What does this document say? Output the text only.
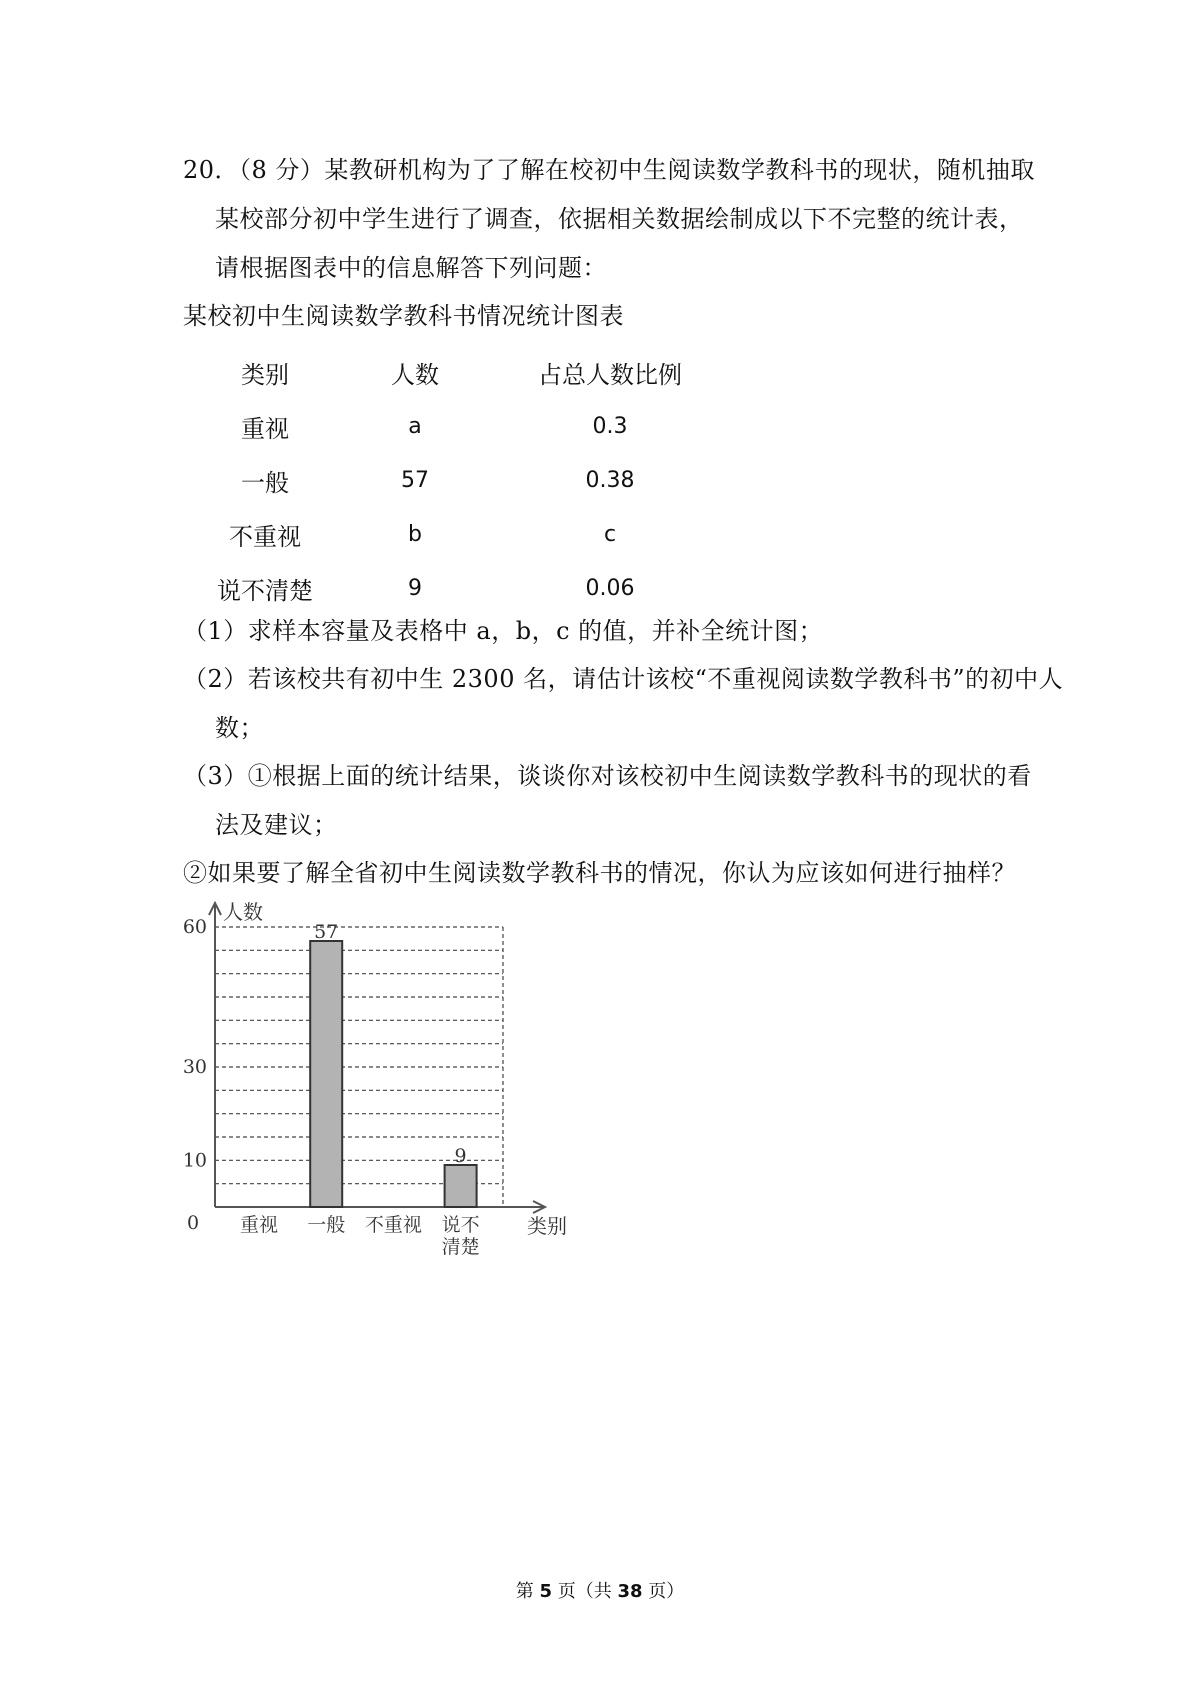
20．（8 分）某教研机构为了了解在校初中生阅读数学教科书的现状，随机抽取
某校部分初中学生进行了调查，依据相关数据绘制成以下不完整的统计表，
请根据图表中的信息解答下列问题：
某校初中生阅读数学教科书情况统计图表
类别	人数	占总人数比例
重视	a	0.3
一般	57	0.38
不重视	b	c
说不清楚	9	0.06
（1）求样本容量及表格中 a，b，c 的值，并补全统计图；
（2）若该校共有初中生 2300 名，请估计该校“不重视阅读数学教科书”的初中人
数；
（3）①根据上面的统计结果，谈谈你对该校初中生阅读数学教科书的现状的看
法及建议；
②如果要了解全省初中生阅读数学教科书的情况，你认为应该如何进行抽样？
人数
类别
0
10
30
60
重视
57
一般 不重视
9
说不
清楚
第 5 页（共 38 页）
